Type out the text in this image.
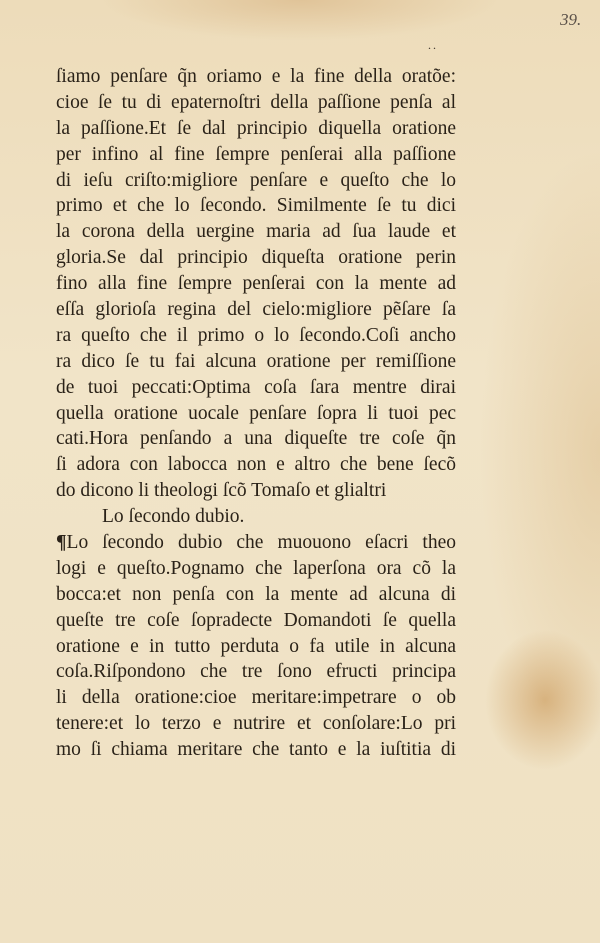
39.
..
ſiamo penſare q̃n oriamo e la fine della oratõe:
cioe ſe tu di epaternoſtri della paſſione penſa al
la paſſione.Et ſe dal principio diquella oratione
per infino al fine ſempre penſerai alla paſſione
di ieſu criſto:migliore penſare e queſto che lo
primo et che lo ſecondo. Similmente ſe tu dici
la corona della uergine maria ad ſua laude et
gloria.Se dal principio diqueſta oratione perin
fino alla fine ſempre penſerai con la mente ad
eſſa glorioſa regina del cielo:migliore pẽſare ſa
ra queſto che il primo o lo ſecondo.Coſi ancho
ra dico ſe tu fai alcuna oratione per remiſſione
de tuoi peccati:Optima coſa ſara mentre dirai
quella oratione uocale penſare ſopra li tuoi pec
cati.Hora penſando a una diqueſte tre coſe q̃n
ſi adora con labocca non e altro che bene ſecõ
do dicono li theologi ſcõ Tomaſo et glialtri
Lo ſecondo dubio.
¶Lo ſecondo dubio che muouono eſacri theo
logi e queſto.Pognamo che laperſona ora cõ la
bocca:et non penſa con la mente ad alcuna di
queſte tre coſe ſopradecte Domandoti ſe quella
oratione e in tutto perduta o fa utile in alcuna
coſa.Riſpondono che tre ſono efructi principa
li della oratione:cioe meritare:impetrare o ob
tenere:et lo terzo e nutrire et conſolare:Lo pri
mo ſi chiama meritare che tanto e la iuſtitia di
